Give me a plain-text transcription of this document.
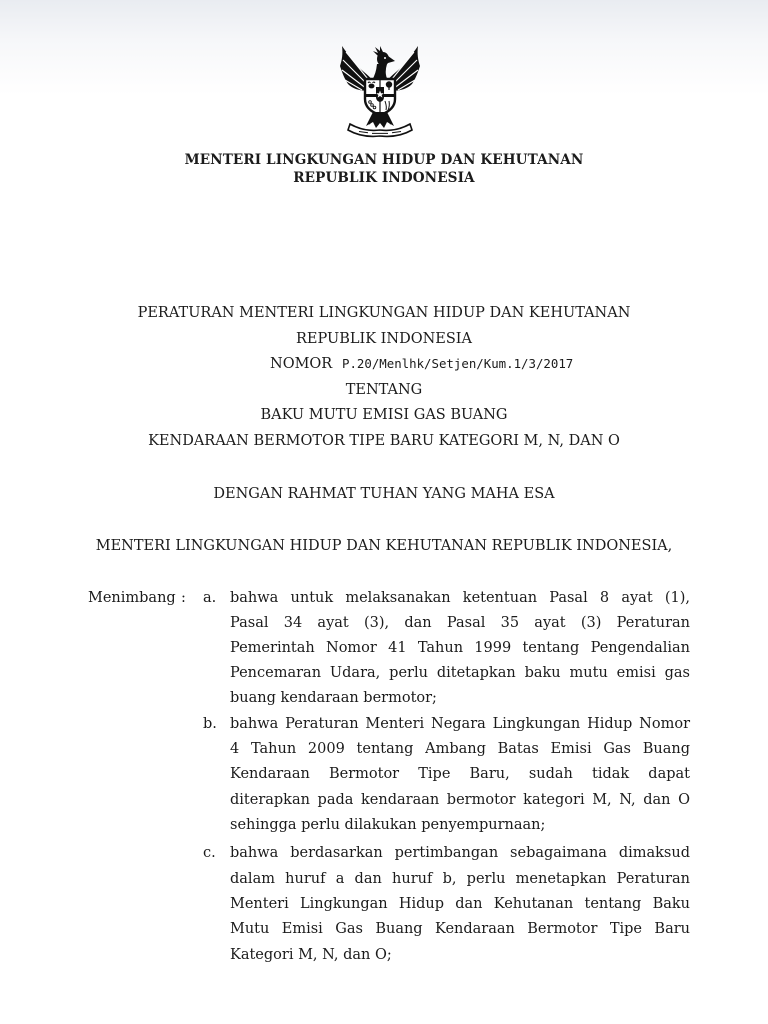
MENTERI LINGKUNGAN HIDUP DAN KEHUTANAN
REPUBLIK INDONESIA
PERATURAN MENTERI LINGKUNGAN HIDUP DAN KEHUTANAN
REPUBLIK INDONESIA
NOMOR P.20/Menlhk/Setjen/Kum.1/3/2017
TENTANG
BAKU MUTU EMISI GAS BUANG
KENDARAAN BERMOTOR TIPE BARU KATEGORI M, N, DAN O
DENGAN RAHMAT TUHAN YANG MAHA ESA
MENTERI LINGKUNGAN HIDUP DAN KEHUTANAN REPUBLIK INDONESIA,
Menimbang : a. bahwa untuk melaksanakan ketentuan Pasal 8 ayat (1),
Pasal 34 ayat (3), dan Pasal 35 ayat (3) Peraturan
Pemerintah Nomor 41 Tahun 1999 tentang Pengendalian
Pencemaran Udara, perlu ditetapkan baku mutu emisi gas
buang kendaraan bermotor;
b. bahwa Peraturan Menteri Negara Lingkungan Hidup Nomor
4 Tahun 2009 tentang Ambang Batas Emisi Gas Buang
Kendaraan Bermotor Tipe Baru, sudah tidak dapat
diterapkan pada kendaraan bermotor kategori M, N, dan O
sehingga perlu dilakukan penyempurnaan;
c. bahwa berdasarkan pertimbangan sebagaimana dimaksud
dalam huruf a dan huruf b, perlu menetapkan Peraturan
Menteri Lingkungan Hidup dan Kehutanan tentang Baku
Mutu Emisi Gas Buang Kendaraan Bermotor Tipe Baru
Kategori M, N, dan O;
